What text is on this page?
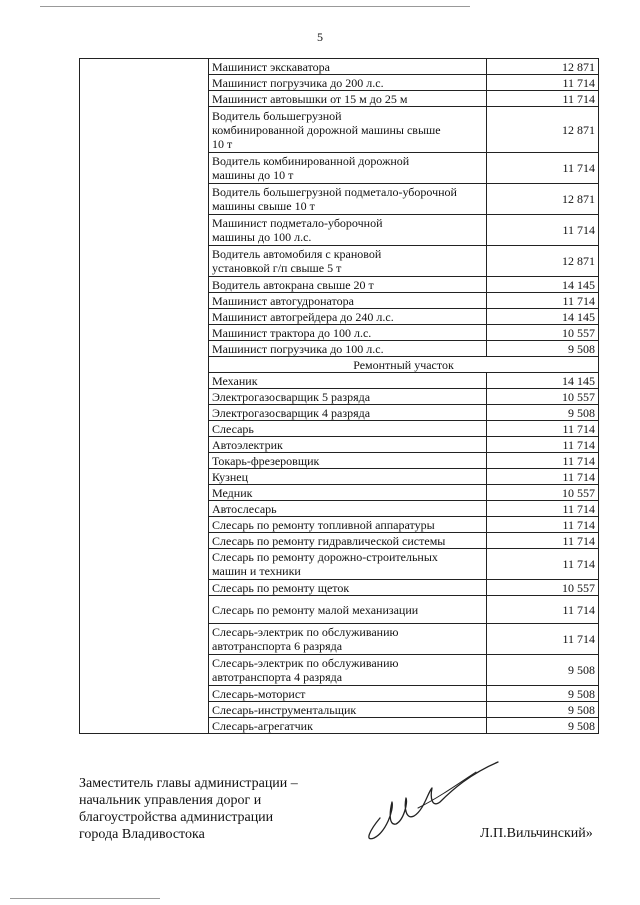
5
	Машинист экскаватора	12 871
	Машинист погрузчика до 200 л.с.	11 714
	Машинист автовышки от 15 м до 25 м	11 714
	Водитель большегрузной
комбинированной дорожной машины свыше
10 т	12 871
	Водитель комбинированной дорожной
машины до 10 т	11 714
	Водитель большегрузной подметало-уборочной
машины свыше 10 т	12 871
	Машинист подметало-уборочной
машины до 100 л.с.	11 714
	Водитель автомобиля с крановой
установкой г/п свыше 5 т	12 871
	Водитель автокрана свыше 20 т	14 145
	Машинист автогудронатора	11 714
	Машинист автогрейдера до 240 л.с.	14 145
	Машинист трактора до 100 л.с.	10 557
	Машинист погрузчика до 100 л.с.	9 508
	Ремонтный участок	
	Механик	14 145
	Электрогазосварщик 5 разряда	10 557
	Электрогазосварщик 4 разряда	9 508
	Слесарь	11 714
	Автоэлектрик	11 714
	Токарь-фрезеровщик	11 714
	Кузнец	11 714
	Медник	10 557
	Автослесарь	11 714
	Слесарь по ремонту топливной аппаратуры	11 714
	Слесарь по ремонту гидравлической системы	11 714
	Слесарь по ремонту дорожно-строительных
машин и техники	11 714
	Слесарь по ремонту щеток	10 557
	Слесарь по ремонту малой механизации	11 714
	Слесарь-электрик по обслуживанию
автотранспорта 6 разряда	11 714
	Слесарь-электрик по обслуживанию
автотранспорта 4 разряда	9 508
	Слесарь-моторист	9 508
	Слесарь-инструментальщик	9 508
	Слесарь-агрегатчик	9 508
Заместитель главы администрации –
начальник управления дорог и
благоустройства администрации
города Владивостока	Л.П.Вильчинский»
